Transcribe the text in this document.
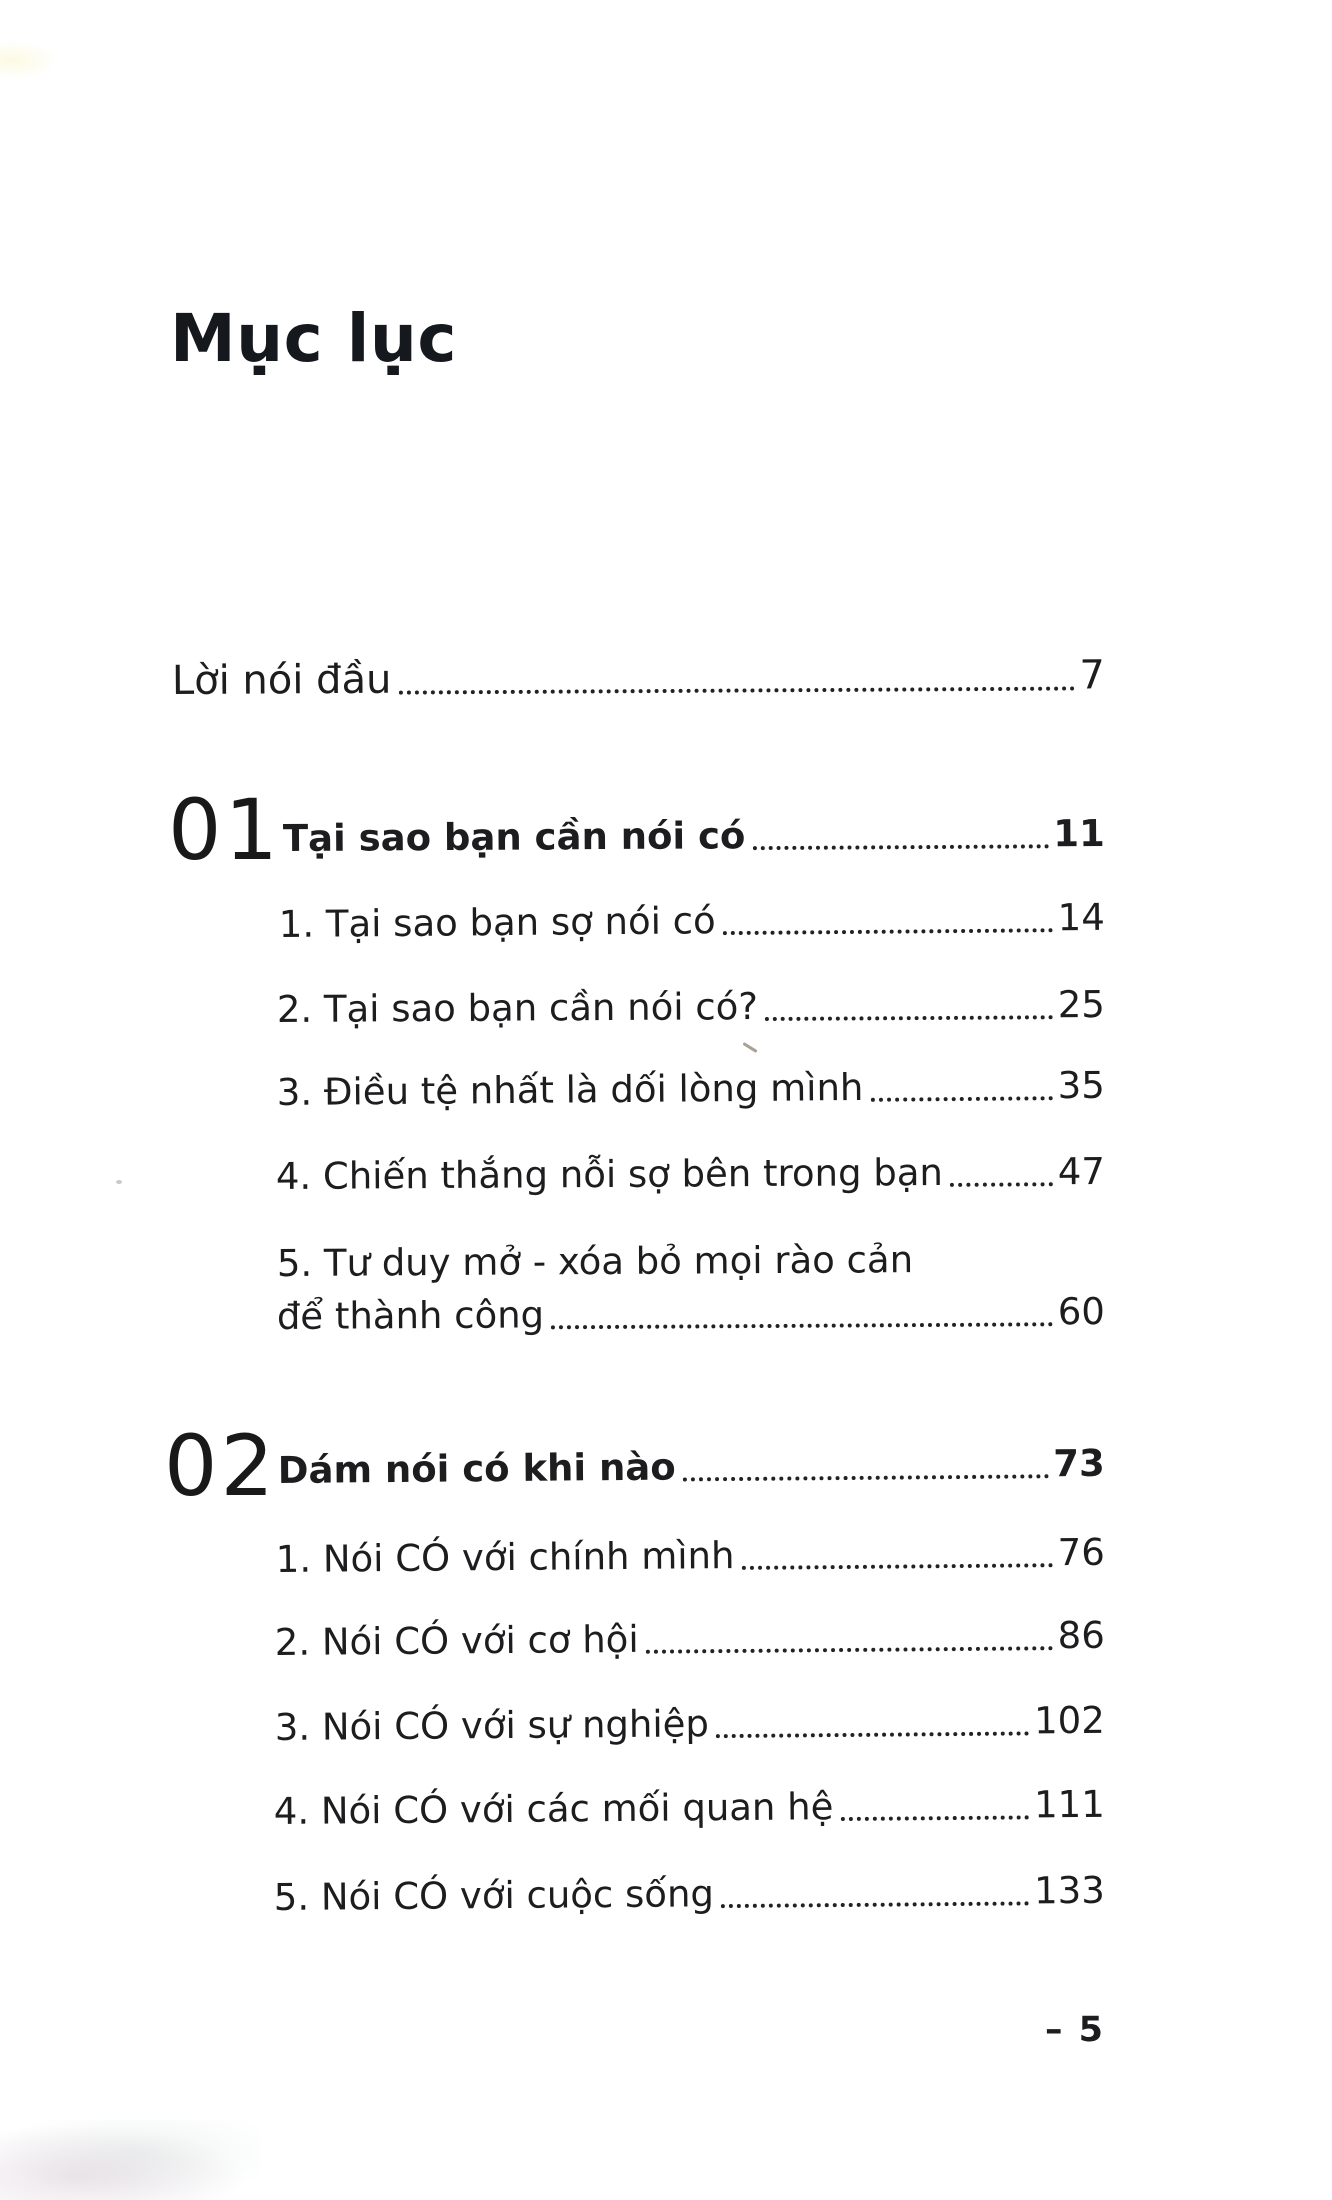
Mục lục
Lời nói đầu	7
01 Tại sao bạn cần nói có	11
1. Tại sao bạn sợ nói có	14
2. Tại sao bạn cần nói có?	25
3. Điều tệ nhất là dối lòng mình	35
4. Chiến thắng nỗi sợ bên trong bạn	47
5. Tư duy mở - xóa bỏ mọi rào cản
để thành công	60
02 Dám nói có khi nào	73
1. Nói CÓ với chính mình	76
2. Nói CÓ với cơ hội	86
3. Nói CÓ với sự nghiệp	102
4. Nói CÓ với các mối quan hệ	111
5. Nói CÓ với cuộc sống	133
– 5
